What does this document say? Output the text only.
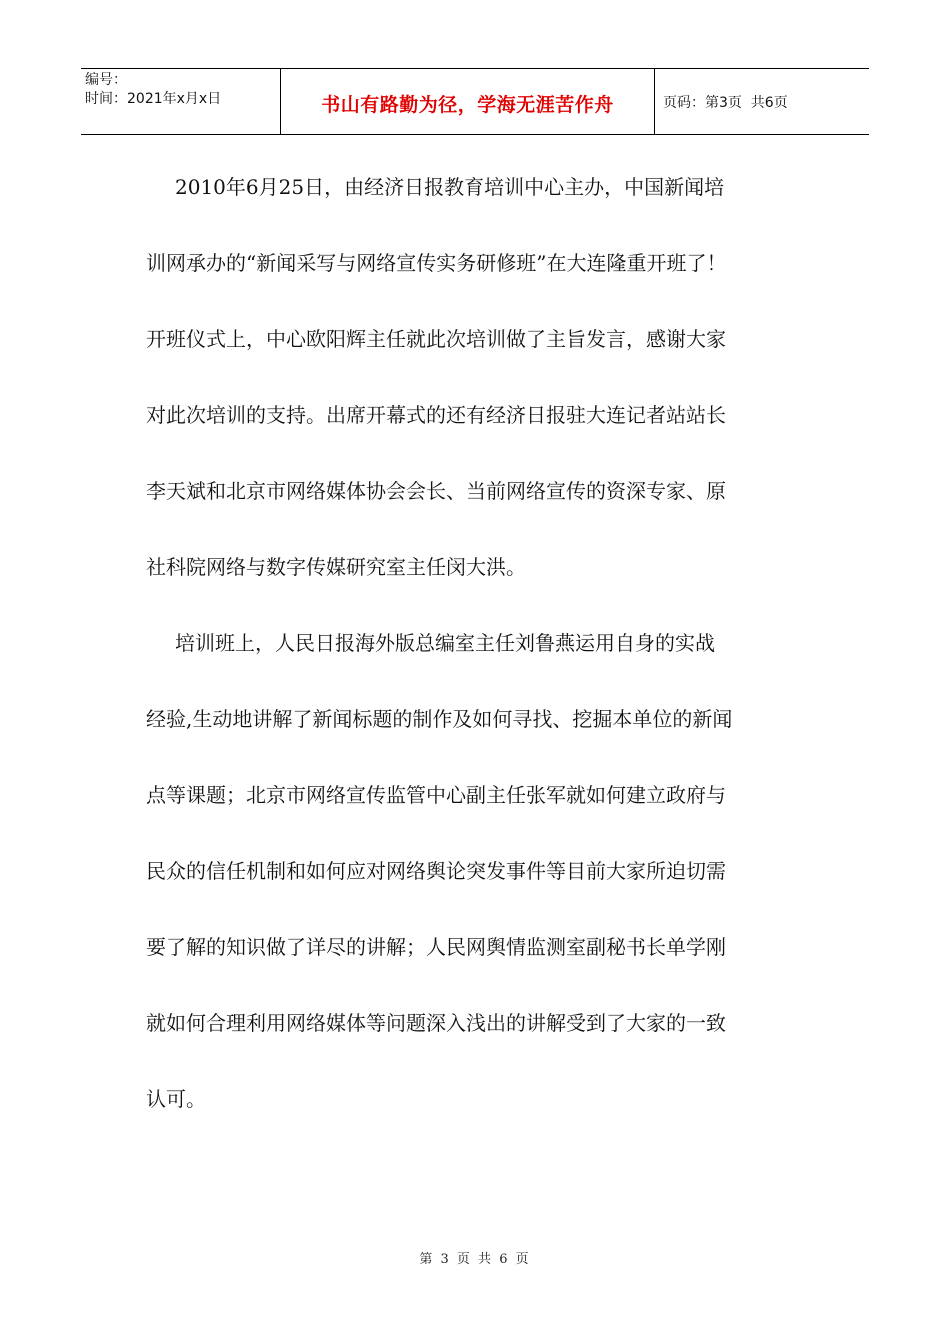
编号：
时间：2021年x月x日	书山有路勤为径，学海无涯苦作舟	页码：第3页  共6页
2010年6月25日，由经济日报教育培训中心主办，中国新闻培
训网承办的“新闻采写与网络宣传实务研修班”在大连隆重开班了！
开班仪式上，中心欧阳辉主任就此次培训做了主旨发言，感谢大家
对此次培训的支持。出席开幕式的还有经济日报驻大连记者站站长
李天斌和北京市网络媒体协会会长、当前网络宣传的资深专家、原
社科院网络与数字传媒研究室主任闵大洪。
培训班上，人民日报海外版总编室主任刘鲁燕运用自身的实战
经验,生动地讲解了新闻标题的制作及如何寻找、挖掘本单位的新闻
点等课题；北京市网络宣传监管中心副主任张军就如何建立政府与
民众的信任机制和如何应对网络舆论突发事件等目前大家所迫切需
要了解的知识做了详尽的讲解；人民网舆情监测室副秘书长单学刚
就如何合理利用网络媒体等问题深入浅出的讲解受到了大家的一致
认可。
第 3 页 共 6 页
